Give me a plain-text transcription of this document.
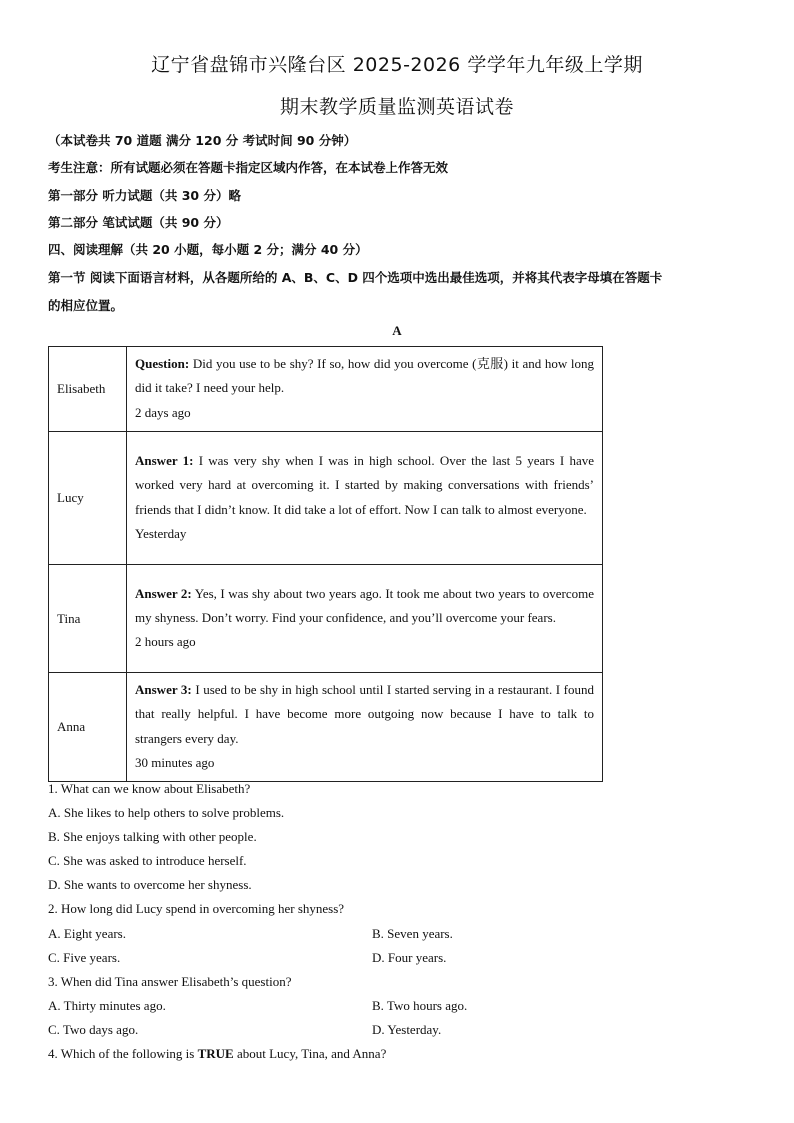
辽宁省盘锦市兴隆台区 2025-2026 学学年九年级上学期
期末教学质量监测英语试卷
（本试卷共 70 道题 满分 120 分 考试时间 90 分钟）
考生注意：所有试题必须在答题卡指定区域内作答，在本试卷上作答无效
第一部分 听力试题（共 30 分）略
第二部分 笔试试题（共 90 分）
四、阅读理解（共 20 小题，每小题 2 分；满分 40 分）
第一节 阅读下面语言材料，从各题所给的 A、B、C、D 四个选项中选出最佳选项，并将其代表字母填在答题卡
的相应位置。
A
Elisabeth	Question: Did you use to be shy? If so, how did you overcome (克服) it and how long did it take? I need your help.
2 days ago
Lucy	Answer 1: I was very shy when I was in high school. Over the last 5 years I have worked very hard at overcoming it. I started by making conversations with friends’ friends that I didn’t know. It did take a lot of effort. Now I can talk to almost everyone.
Yesterday
Tina	Answer 2: Yes, I was shy about two years ago. It took me about two years to overcome my shyness. Don’t worry. Find your confidence, and you’ll overcome your fears.
2 hours ago
Anna	Answer 3: I used to be shy in high school until I started serving in a restaurant. I found that really helpful. I have become more outgoing now because I have to talk to strangers every day.
30 minutes ago
1. What can we know about Elisabeth?
A. She likes to help others to solve problems.
B. She enjoys talking with other people.
C. She was asked to introduce herself.
D. She wants to overcome her shyness.
2. How long did Lucy spend in overcoming her shyness?
A. Eight years.	B. Seven years.
C. Five years.	D. Four years.
3. When did Tina answer Elisabeth’s question?
A. Thirty minutes ago.	B. Two hours ago.
C. Two days ago.	D. Yesterday.
4. Which of the following is TRUE about Lucy, Tina, and Anna?
